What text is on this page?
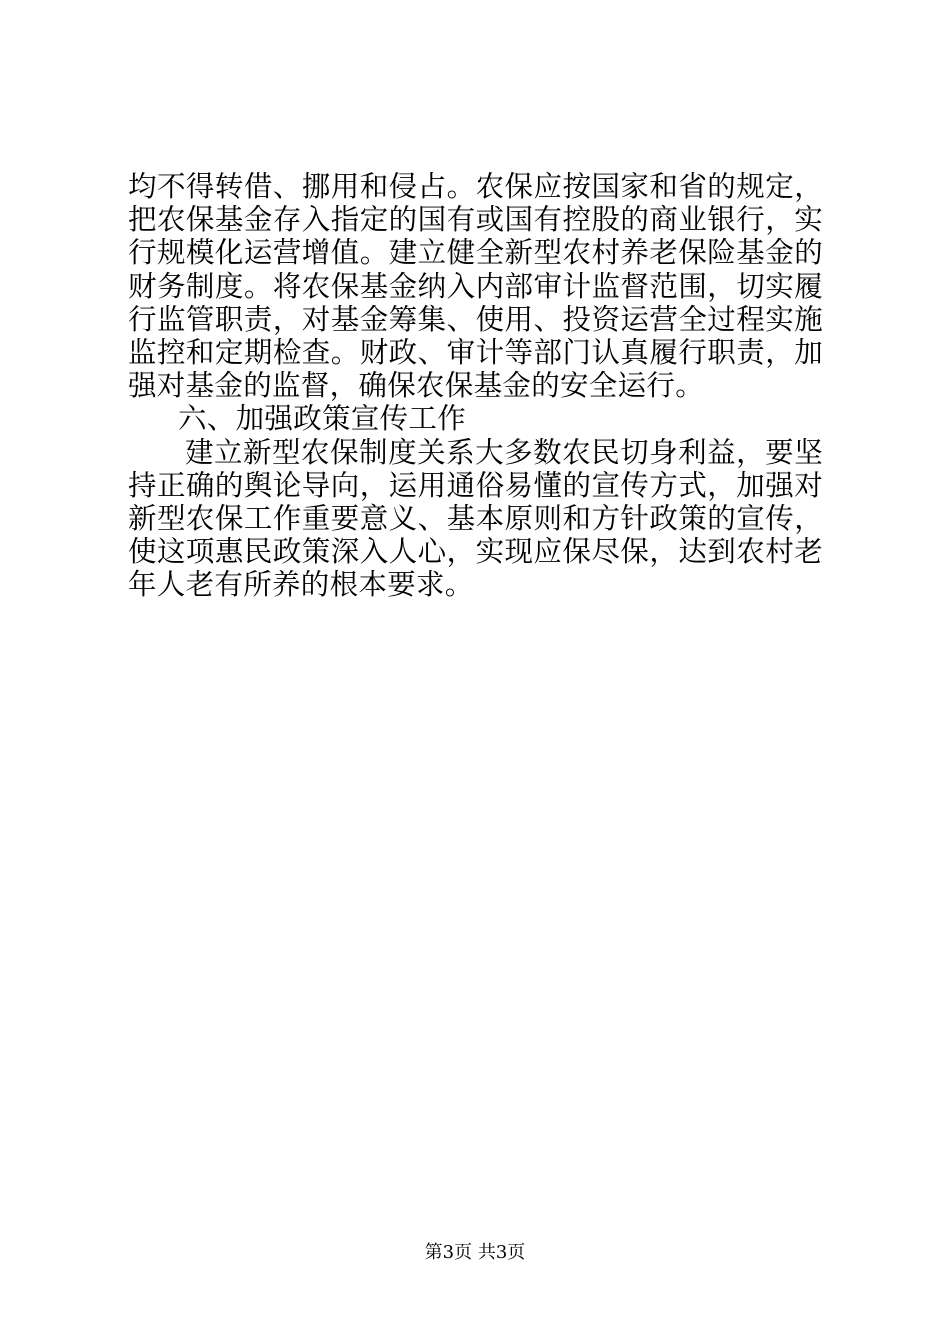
均不得转借、挪用和侵占。农保应按国家和省的规定，把农保基金存入指定的国有或国有控股的商业银行，实行规模化运营增值。建立健全新型农村养老保险基金的财务制度。将农保基金纳入内部审计监督范围，切实履行监管职责，对基金筹集、使用、投资运营全过程实施监控和定期检查。财政、审计等部门认真履行职责，加强对基金的监督，确保农保基金的安全运行。

六、加强政策宣传工作

建立新型农保制度关系大多数农民切身利益，要坚持正确的舆论导向，运用通俗易懂的宣传方式，加强对新型农保工作重要意义、基本原则和方针政策的宣传，使这项惠民政策深入人心，实现应保尽保，达到农村老年人老有所养的根本要求。

第3页 共3页
